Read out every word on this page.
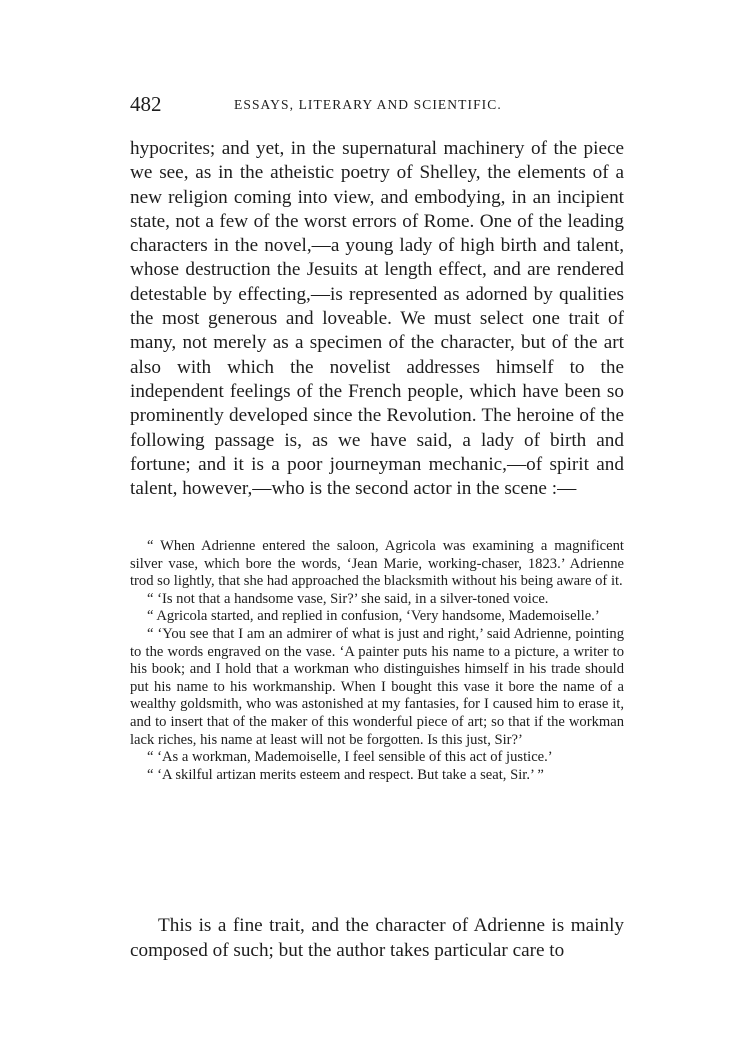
482	ESSAYS, LITERARY AND SCIENTIFIC.

hypocrites; and yet, in the supernatural machinery of the piece we see, as in the atheistic poetry of Shelley, the elements of a new religion coming into view, and embodying, in an incipient state, not a few of the worst errors of Rome. One of the leading characters in the novel,—a young lady of high birth and talent, whose destruction the Jesuits at length effect, and are rendered detestable by effecting,—is represented as adorned by qualities the most generous and loveable. We must select one trait of many, not merely as a specimen of the character, but of the art also with which the novelist addresses himself to the independent feelings of the French people, which have been so prominently developed since the Revolution. The heroine of the following passage is, as we have said, a lady of birth and fortune; and it is a poor journeyman mechanic,—of spirit and talent, however,—who is the second actor in the scene :—

“ When Adrienne entered the saloon, Agricola was examining a magnificent silver vase, which bore the words, ‘Jean Marie, working-chaser, 1823.’ Adrienne trod so lightly, that she had approached the blacksmith without his being aware of it.

“ ‘Is not that a handsome vase, Sir?’ she said, in a silver-toned voice.

“ Agricola started, and replied in confusion, ‘Very handsome, Mademoiselle.’

“ ‘You see that I am an admirer of what is just and right,’ said Adrienne, pointing to the words engraved on the vase. ‘A painter puts his name to a picture, a writer to his book; and I hold that a workman who distinguishes himself in his trade should put his name to his workmanship. When I bought this vase it bore the name of a wealthy goldsmith, who was astonished at my fantasies, for I caused him to erase it, and to insert that of the maker of this wonderful piece of art; so that if the workman lack riches, his name at least will not be forgotten. Is this just, Sir?’

“ ‘As a workman, Mademoiselle, I feel sensible of this act of justice.’

“ ‘A skilful artizan merits esteem and respect. But take a seat, Sir.’ ”

This is a fine trait, and the character of Adrienne is mainly composed of such; but the author takes particular care to
